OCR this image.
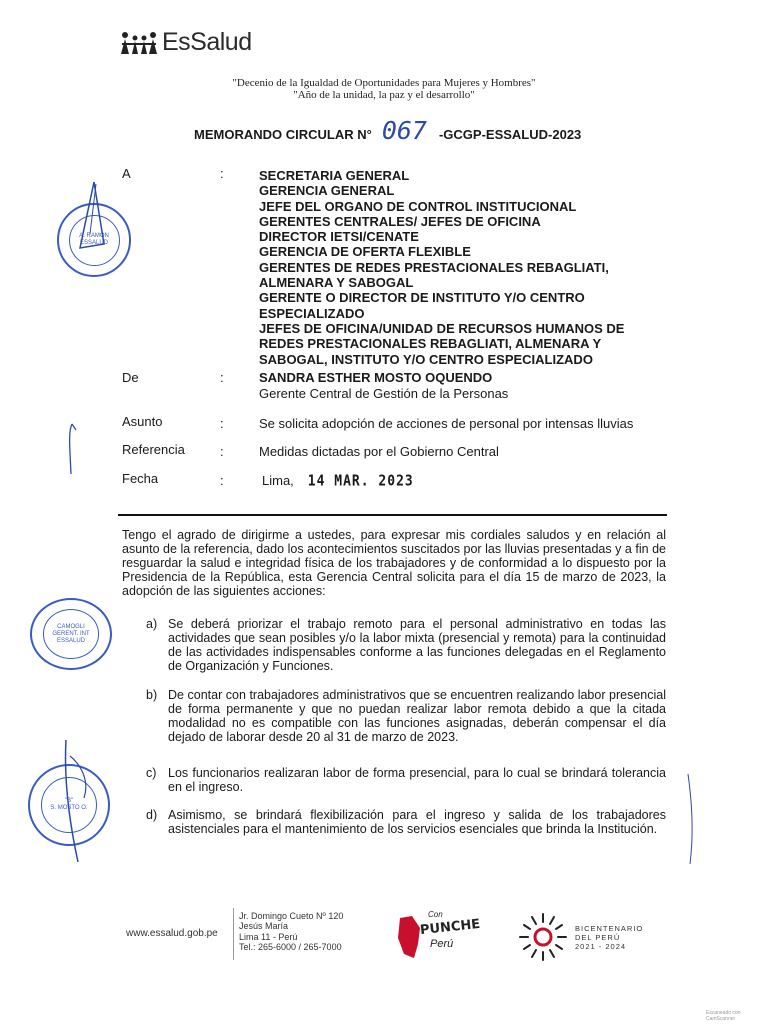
EsSalud
"Decenio de la Igualdad de Oportunidades para Mujeres y Hombres"
"Año de la unidad, la paz y el desarrollo"
MEMORANDO CIRCULAR N° 067 -GCGP-ESSALUD-2023
A	:	SECRETARIA GENERAL
GERENCIA GENERAL
JEFE DEL ORGANO DE CONTROL INSTITUCIONAL
GERENTES CENTRALES/ JEFES DE OFICINA
DIRECTOR IETSI/CENATE
GERENCIA DE OFERTA FLEXIBLE
GERENTES DE REDES PRESTACIONALES REBAGLIATI, ALMENARA Y SABOGAL
GERENTE O DIRECTOR DE INSTITUTO Y/O CENTRO ESPECIALIZADO
JEFES DE OFICINA/UNIDAD DE RECURSOS HUMANOS DE REDES PRESTACIONALES REBAGLIATI, ALMENARA Y SABOGAL, INSTITUTO Y/O CENTRO ESPECIALIZADO
De	:	SANDRA ESTHER MOSTO OQUENDO
Gerente Central de Gestión de la Personas
Asunto	:	Se solicita adopción de acciones de personal por intensas lluvias
Referencia	:	Medidas dictadas por el Gobierno Central
Fecha	:	Lima, 14 MAR. 2023
Tengo el agrado de dirigirme a ustedes, para expresar mis cordiales saludos y en relación al asunto de la referencia, dado los acontecimientos suscitados por las lluvias presentadas y a fin de resguardar la salud e integridad física de los trabajadores y de conformidad a lo dispuesto por la Presidencia de la República, esta Gerencia Central solicita para el día 15 de marzo de 2023, la adopción de las siguientes acciones:
a) Se deberá priorizar el trabajo remoto para el personal administrativo en todas las actividades que sean posibles y/o la labor mixta (presencial y remota) para la continuidad de las actividades indispensables conforme a las funciones delegadas en el Reglamento de Organización y Funciones.
b) De contar con trabajadores administrativos que se encuentren realizando labor presencial de forma permanente y que no puedan realizar labor remota debido a que la citada modalidad no es compatible con las funciones asignadas, deberán compensar el día dejado de laborar desde 20 al 31 de marzo de 2023.
c) Los funcionarios realizaran labor de forma presencial, para lo cual se brindará tolerancia en el ingreso.
d) Asimismo, se brindará flexibilización para el ingreso y salida de los trabajadores asistenciales para el mantenimiento de los servicios esenciales que brinda la Institución.
A. RAMON
ESSALUD
CAMOGLI GERENT. INT
ESSALUD
"B"
S. MOSTO O.
www.essalud.gob.pe
Jr. Domingo Cueto Nº 120
Jesús María
Lima 11 - Perú
Tel.: 265-6000 / 265-7000
Con
PUNCHE
Perú
BICENTENARIO
DEL PERÚ
2021 - 2024
Escaneado con CamScanner
